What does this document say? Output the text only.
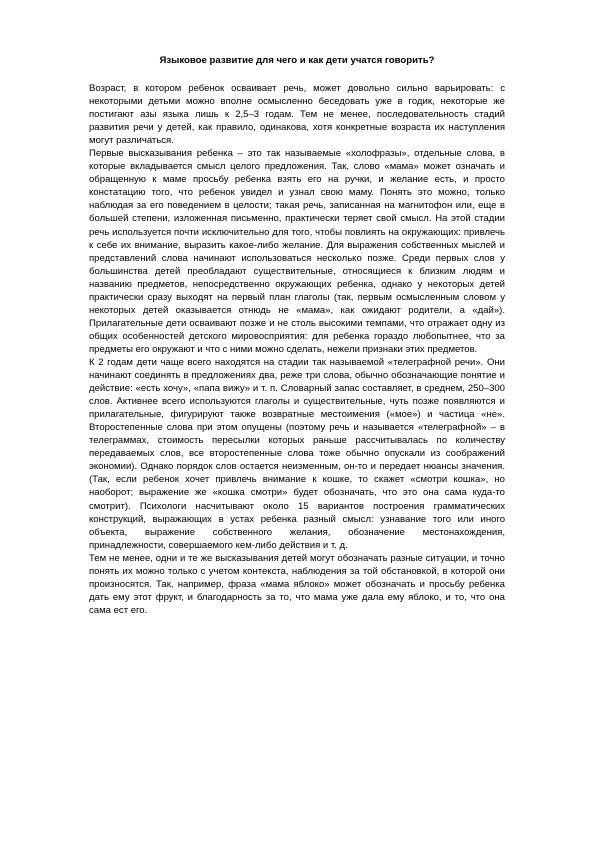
Языковое развитие для чего и как дети учатся говорить?

Возраст, в котором ребенок осваивает речь, может довольно сильно варьировать: с некоторыми детьми можно вполне осмысленно беседовать уже в годик, некоторые же постигают азы языка лишь к 2,5–3 годам. Тем не менее, последовательность стадий развития речи у детей, как правило, одинакова, хотя конкретные возраста их наступления могут различаться.

Первые высказывания ребенка – это так называемые «холофразы», отдельные слова, в которые вкладывается смысл целого предложения. Так, слово «мама» может означать и обращенную к маме просьбу ребенка взять его на ручки, и желание есть, и просто констатацию того, что ребенок увидел и узнал свою маму. Понять это можно, только наблюдая за его поведением в целости; такая речь, записанная на магнитофон или, еще в большей степени, изложенная письменно, практически теряет свой смысл. На этой стадии речь используется почти исключительно для того, чтобы повлиять на окружающих: привлечь к себе их внимание, выразить какое-либо желание. Для выражения собственных мыслей и представлений слова начинают использоваться несколько позже. Среди первых слов у большинства детей преобладают существительные, относящиеся к близким людям и названию предметов, непосредственно окружающих ребенка, однако у некоторых детей практически сразу выходят на первый план глаголы (так, первым осмысленным словом у некоторых детей оказывается отнюдь не «мама», как ожидают родители, а «дай»). Прилагательные дети осваивают позже и не столь высокими темпами, что отражает одну из общих особенностей детского мировосприятия: для ребенка гораздо любопытнее, что за предметы его окружают и что с ними можно сделать, нежели признаки этих предметов.

К 2 годам дети чаще всего находятся на стадии так называемой «телеграфной речи». Они начинают соединять в предложениях два, реже три слова, обычно обозначающие понятие и действие: «есть хочу», «папа вижу» и т. п. Словарный запас составляет, в среднем, 250–300 слов. Активнее всего используются глаголы и существительные, чуть позже появляются и прилагательные, фигурируют также возвратные местоимения («мое») и частица «не». Второстепенные слова при этом опущены (поэтому речь и называется «телеграфной» – в телеграммах, стоимость пересылки которых раньше рассчитывалась по количеству передаваемых слов, все второстепенные слова тоже обычно опускали из соображений экономии). Однако порядок слов остается неизменным, он-то и передает нюансы значения. (Так, если ребенок хочет привлечь внимание к кошке, то скажет «смотри кошка», но наоборот; выражение же «кошка смотри» будет обозначать, что это она сама куда-то смотрит). Психологи насчитывают около 15 вариантов построения грамматических конструкций, выражающих в устах ребенка разный смысл: узнавание того или иного объекта, выражение собственного желания, обозначение местонахождения, принадлежности, совершаемого кем-либо действия и т. д.

Тем не менее, одни и те же высказывания детей могут обозначать разные ситуации, и точно понять их можно только с учетом контекста, наблюдения за той обстановкой, в которой они произносятся. Так, например, фраза «мама яблоко» может обозначать и просьбу ребенка дать ему этот фрукт, и благодарность за то, что мама уже дала ему яблоко, и то, что она сама ест его.
